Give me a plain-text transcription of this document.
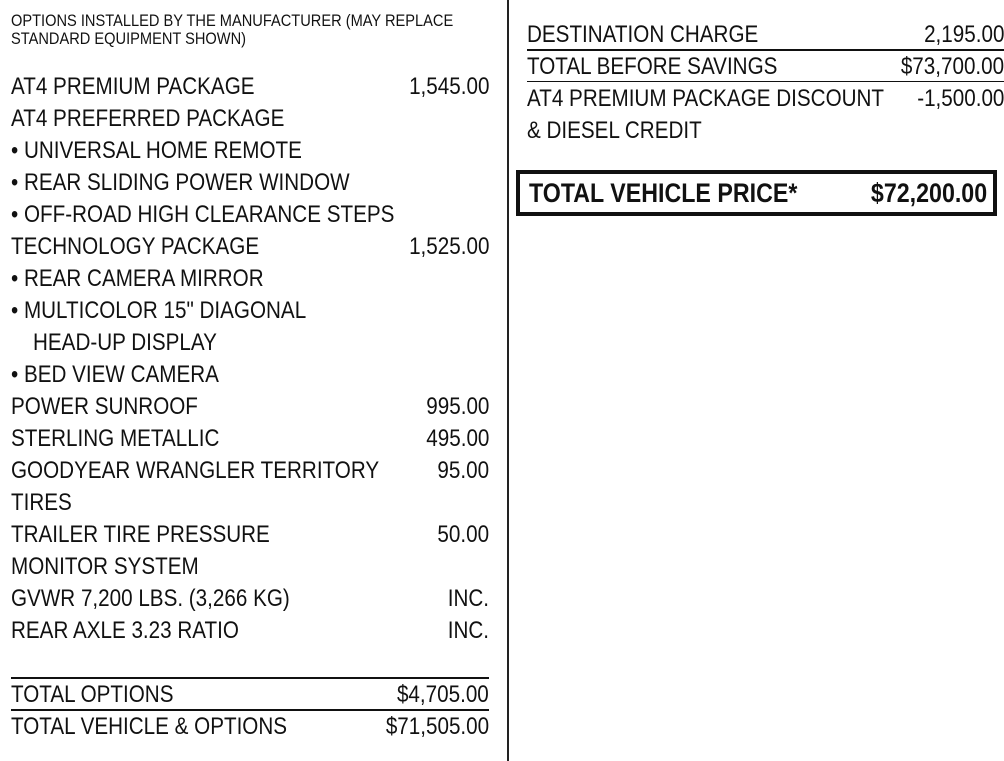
OPTIONS INSTALLED BY THE MANUFACTURER (MAY REPLACE
STANDARD EQUIPMENT SHOWN)
AT4 PREMIUM PACKAGE	1,545.00
AT4 PREFERRED PACKAGE
• UNIVERSAL HOME REMOTE
• REAR SLIDING POWER WINDOW
• OFF-ROAD HIGH CLEARANCE STEPS
TECHNOLOGY PACKAGE	1,525.00
• REAR CAMERA MIRROR
• MULTICOLOR 15" DIAGONAL
HEAD-UP DISPLAY
• BED VIEW CAMERA
POWER SUNROOF	995.00
STERLING METALLIC	495.00
GOODYEAR WRANGLER TERRITORY	95.00
TIRES
TRAILER TIRE PRESSURE	50.00
MONITOR SYSTEM
GVWR 7,200 LBS. (3,266 KG)	INC.
REAR AXLE 3.23 RATIO	INC.
TOTAL OPTIONS	$4,705.00
TOTAL VEHICLE & OPTIONS	$71,505.00
DESTINATION CHARGE	2,195.00
TOTAL BEFORE SAVINGS	$73,700.00
AT4 PREMIUM PACKAGE DISCOUNT	-1,500.00
& DIESEL CREDIT
TOTAL VEHICLE PRICE*	$72,200.00
